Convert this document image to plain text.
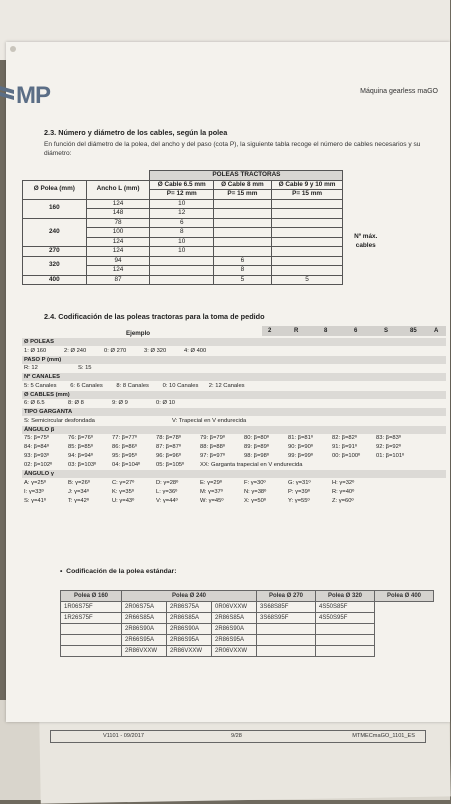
MP	Máquina gearless maGO
2.3. Número y diámetro de los cables, según la polea
En función del diámetro de la polea, del ancho y del paso (cota P), la siguiente tabla recoge el número de cables necesarios y su diámetro:
		POLEAS TRACTORAS			
Ø Polea (mm)	Ancho L (mm)	Ø Cable 6.5 mm	Ø Cable 8 mm	Ø Cable 9 y 10 mm	
		P= 12 mm	P= 15 mm	P= 15 mm	
160	124	10			
	148	12			
240	78	6			
	100	8			Nº máx. cables
	124	10			
270	124	10			
320	94		6		
	124		8		
400	87		5	5	
2.4. Codificación de las poleas tractoras para la toma de pedido
Ejemplo	2	R	8	6	S	85	A
Ø POLEAS
1: Ø 160	2: Ø 240	0: Ø 270	3: Ø 320	4: Ø 400
PASO P (mm)
R: 12	S: 15
Nº CANALES
5: 5 Canales 6: 6 Canales 8: 8 Canales 0: 10 Canales 2: 12 Canales
Ø CABLES (mm)
6: Ø 6.5	8: Ø 8	9: Ø 9	0: Ø 10
TIPO GARGANTA
S: Semicircular desfondada	V: Trapecial en V endurecida
ÁNGULO β
75: β=75º	76: β=76º	77: β=77º	78: β=78º	79: β=79º	80: β=80º	81: β=81º	82: β=82º	83: β=83º
84: β=84º	85: β=85º	86: β=86º	87: β=87º	88: β=88º	89: β=89º	90: β=90º	91: β=91º	92: β=92º
93: β=93º	94: β=94º	95: β=95º	96: β=96º	97: β=97º	98: β=98º	99: β=99º	00: β=100º	01: β=101º
02: β=102º	03: β=103º	04: β=104º	05: β=105º	XX: Garganta trapecial en V endurecida
ÁNGULO γ
A: γ=25º	B: γ=26º	C: γ=27º	D: γ=28º	E: γ=29º	F: γ=30º	G: γ=31º	H: γ=32º
I: γ=33º	J: γ=34º	K: γ=35º	L: γ=36º	M: γ=37º	N: γ=38º	P: γ=39º	R: γ=40º
S: γ=41º	T: γ=42º	U: γ=43º	V: γ=44º	W: γ=45º	X: γ=50º	Y: γ=55º	Z: γ=60º
•  Codificación de la polea estándar:
Polea Ø 160	Polea Ø 240			Polea Ø 270	Polea Ø 320	Polea Ø 400
1R06S75F	2R06S75A	2R86S75A	0R06VXXW	3S68S85F	4S50S85F	
1R26S75F	2R66S85A	2R86S85A	2R86S85A	3S68S95F	4S50S95F	
	2R86S90A	2R86S90A	2R86S90A			
	2R66S95A	2R86S95A	2R86S95A			
	2R86VXXW	2R86VXXW	2R06VXXW			
V1101 - 09/2017	9/28	MTMECmaGO_1101_ES
